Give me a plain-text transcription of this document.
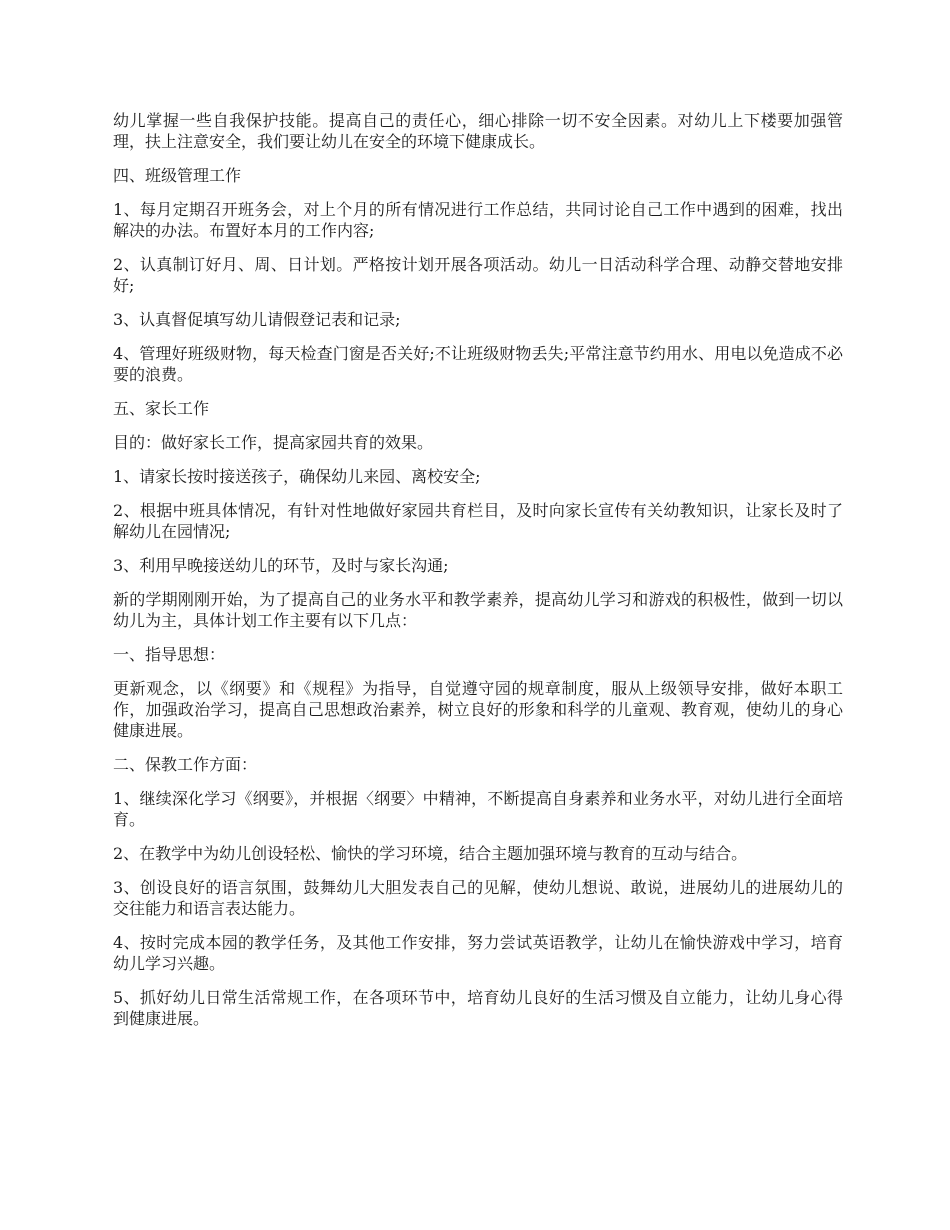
幼儿掌握一些自我保护技能。提高自己的责任心，细心排除一切不安全因素。对幼儿上下楼要加强管理，扶上注意安全，我们要让幼儿在安全的环境下健康成长。

四、班级管理工作

1、每月定期召开班务会，对上个月的所有情况进行工作总结，共同讨论自己工作中遇到的困难，找出解决的办法。布置好本月的工作内容;

2、认真制订好月、周、日计划。严格按计划开展各项活动。幼儿一日活动科学合理、动静交替地安排好;

3、认真督促填写幼儿请假登记表和记录;

4、管理好班级财物，每天检查门窗是否关好;不让班级财物丢失;平常注意节约用水、用电以免造成不必要的浪费。

五、家长工作

目的：做好家长工作，提高家园共育的效果。

1、请家长按时接送孩子，确保幼儿来园、离校安全;

2、根据中班具体情况，有针对性地做好家园共育栏目，及时向家长宣传有关幼教知识，让家长及时了解幼儿在园情况;

3、利用早晚接送幼儿的环节，及时与家长沟通;

新的学期刚刚开始，为了提高自己的业务水平和教学素养，提高幼儿学习和游戏的积极性，做到一切以幼儿为主，具体计划工作主要有以下几点：

一、指导思想：

更新观念，以《纲要》和《规程》为指导，自觉遵守园的规章制度，服从上级领导安排，做好本职工作，加强政治学习，提高自己思想政治素养，树立良好的形象和科学的儿童观、教育观，使幼儿的身心健康进展。

二、保教工作方面：

1、继续深化学习《纲要》，并根据〈纲要〉中精神，不断提高自身素养和业务水平，对幼儿进行全面培育。

2、在教学中为幼儿创设轻松、愉快的学习环境，结合主题加强环境与教育的互动与结合。

3、创设良好的语言氛围，鼓舞幼儿大胆发表自己的见解，使幼儿想说、敢说，进展幼儿的进展幼儿的交往能力和语言表达能力。

4、按时完成本园的教学任务，及其他工作安排，努力尝试英语教学，让幼儿在愉快游戏中学习，培育幼儿学习兴趣。

5、抓好幼儿日常生活常规工作，在各项环节中，培育幼儿良好的生活习惯及自立能力，让幼儿身心得到健康进展。
